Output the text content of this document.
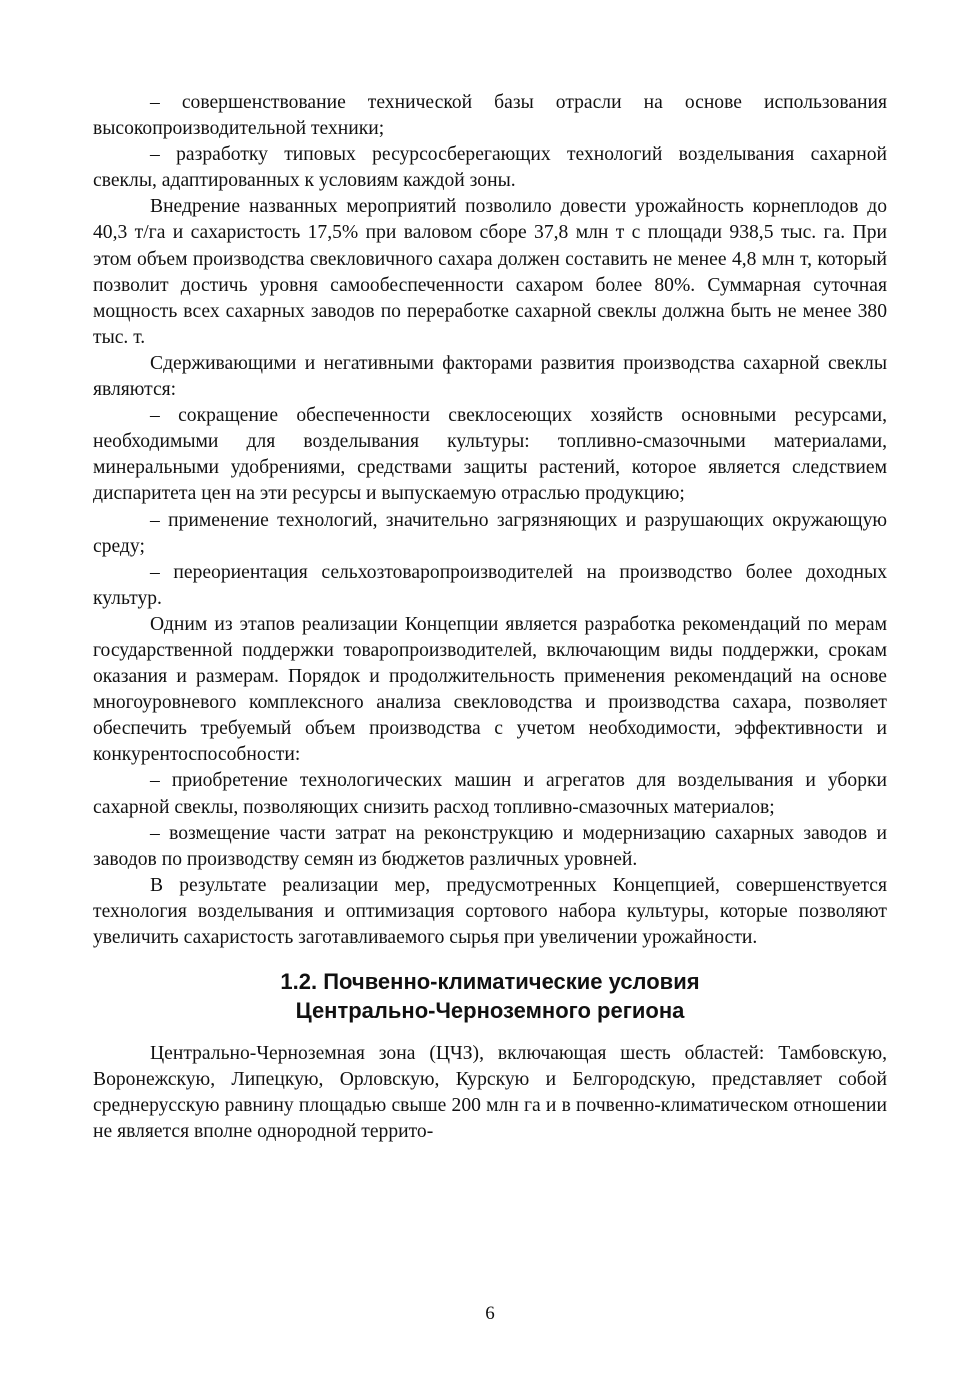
– совершенствование технической базы отрасли на основе использования высокопроизводительной техники;

– разработку типовых ресурсосберегающих технологий возделывания сахарной свеклы, адаптированных к условиям каждой зоны.

Внедрение названных мероприятий позволило довести урожайность корнеплодов до 40,3 т/га и сахаристость 17,5% при валовом сборе 37,8 млн т с площади 938,5 тыс. га. При этом объем производства свекловичного сахара должен составить не менее 4,8 млн т, который позволит достичь уровня самообеспеченности сахаром более 80%. Суммарная суточная мощность всех сахарных заводов по переработке сахарной свеклы должна быть не менее 380 тыс. т.

Сдерживающими и негативными факторами развития производства сахарной свеклы являются:

– сокращение обеспеченности свеклосеющих хозяйств основными ресурсами, необходимыми для возделывания культуры: топливно-смазочными материалами, минеральными удобрениями, средствами защиты растений, которое является следствием диспаритета цен на эти ресурсы и выпускаемую отраслью продукцию;

– применение технологий, значительно загрязняющих и разрушающих окружающую среду;

– переориентация сельхозтоваропроизводителей на производство более доходных культур.

Одним из этапов реализации Концепции является разработка рекомендаций по мерам государственной поддержки товаропроизводителей, включающим виды поддержки, срокам оказания и размерам. Порядок и продолжительность применения рекомендаций на основе многоуровневого комплексного анализа свекловодства и производства сахара, позволяет обеспечить требуемый объем производства с учетом необходимости, эффективности и конкурентоспособности:

– приобретение технологических машин и агрегатов для возделывания и уборки сахарной свеклы, позволяющих снизить расход топливно-смазочных материалов;

– возмещение части затрат на реконструкцию и модернизацию сахарных заводов и заводов по производству семян из бюджетов различных уровней.

В результате реализации мер, предусмотренных Концепцией, совершенствуется технология возделывания и оптимизация сортового набора культуры, которые позволяют увеличить сахаристость заготавливаемого сырья при увеличении урожайности.

1.2. Почвенно-климатические условия
Центрально-Черноземного региона

Центрально-Черноземная зона (ЦЧЗ), включающая шесть областей: Тамбовскую, Воронежскую, Липецкую, Орловскую, Курскую и Белгородскую, представляет собой среднерусскую равнину площадью свыше 200 млн га и в почвенно-климатическом отношении не является вполне однородной террито-

6
